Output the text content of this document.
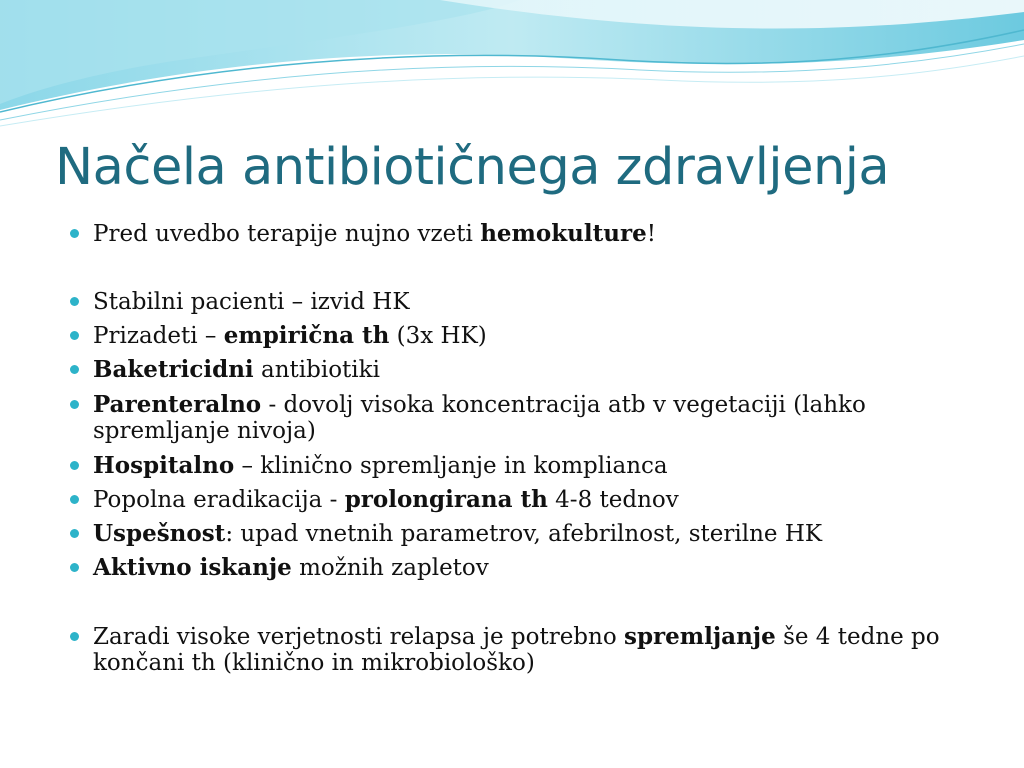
Načela antibiotičnega zdravljenja
Pred uvedbo terapije nujno vzeti hemokulture!
Stabilni pacienti – izvid HK
Prizadeti – empirična th (3x HK)
Baketricidni antibiotiki
Parenteralno - dovolj visoka koncentracija atb v vegetaciji (lahko spremljanje nivoja)
Hospitalno – klinično spremljanje in komplianca
Popolna eradikacija - prolongirana th 4-8 tednov
Uspešnost: upad vnetnih parametrov, afebrilnost, sterilne HK
Aktivno iskanje možnih zapletov
Zaradi visoke verjetnosti relapsa je potrebno spremljanje še 4 tedne po končani th (klinično in mikrobiološko)
